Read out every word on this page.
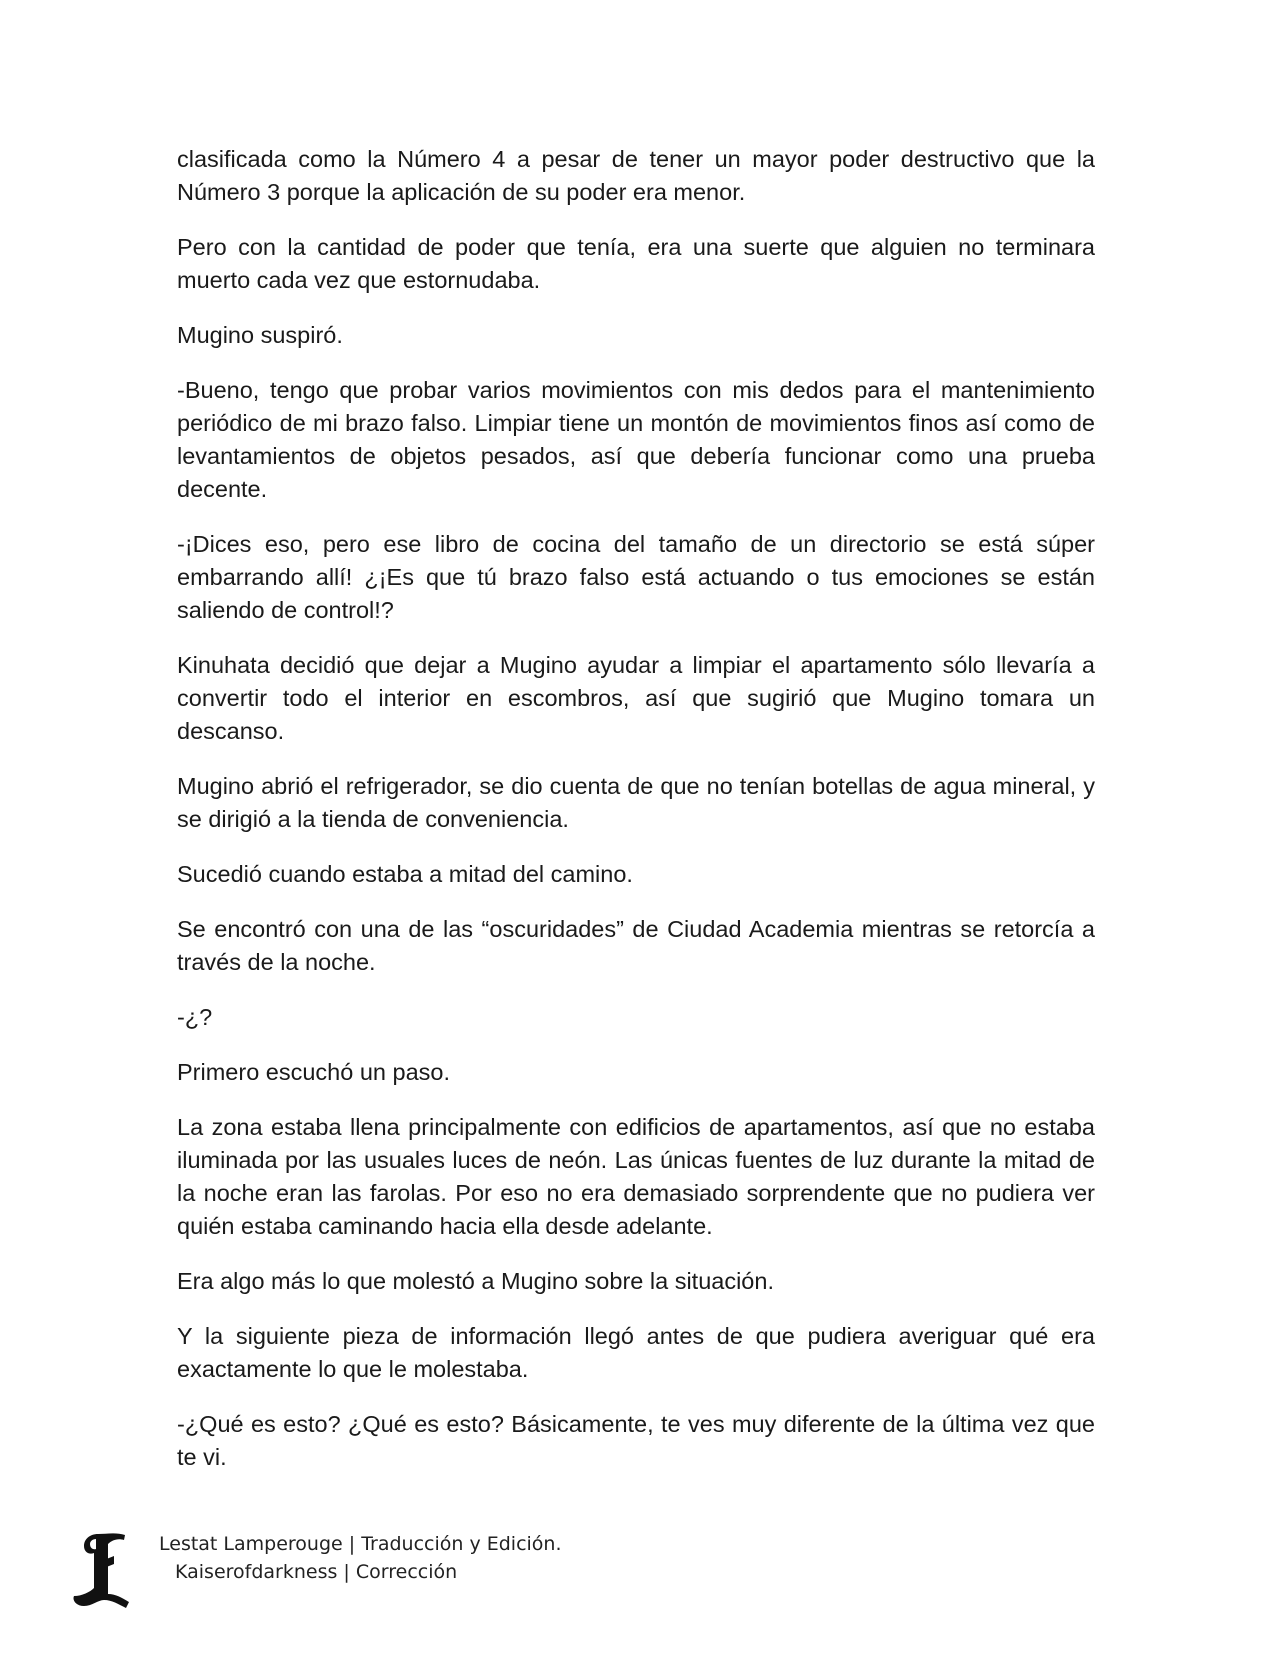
clasificada como la Número 4 a pesar de tener un mayor poder destructivo que la Número 3 porque la aplicación de su poder era menor.

Pero con la cantidad de poder que tenía, era una suerte que alguien no terminara muerto cada vez que estornudaba.

Mugino suspiró.

-Bueno, tengo que probar varios movimientos con mis dedos para el mantenimiento periódico de mi brazo falso. Limpiar tiene un montón de movimientos finos así como de levantamientos de objetos pesados, así que debería funcionar como una prueba decente.

-¡Dices eso, pero ese libro de cocina del tamaño de un directorio se está súper embarrando allí! ¿¡Es que tú brazo falso está actuando o tus emociones se están saliendo de control!?

Kinuhata decidió que dejar a Mugino ayudar a limpiar el apartamento sólo llevaría a convertir todo el interior en escombros, así que sugirió que Mugino tomara un descanso.

Mugino abrió el refrigerador, se dio cuenta de que no tenían botellas de agua mineral, y se dirigió a la tienda de conveniencia.

Sucedió cuando estaba a mitad del camino.

Se encontró con una de las “oscuridades” de Ciudad Academia mientras se retorcía a través de la noche.

-¿?

Primero escuchó un paso.

La zona estaba llena principalmente con edificios de apartamentos, así que no estaba iluminada por las usuales luces de neón. Las únicas fuentes de luz durante la mitad de la noche eran las farolas. Por eso no era demasiado sorprendente que no pudiera ver quién estaba caminando hacia ella desde adelante.

Era algo más lo que molestó a Mugino sobre la situación.

Y la siguiente pieza de información llegó antes de que pudiera averiguar qué era exactamente lo que le molestaba.

-¿Qué es esto? ¿Qué es esto? Básicamente, te ves muy diferente de la última vez que te vi.

Lestat Lamperouge | Traducción y Edición.
Kaiserofdarkness | Corrección
